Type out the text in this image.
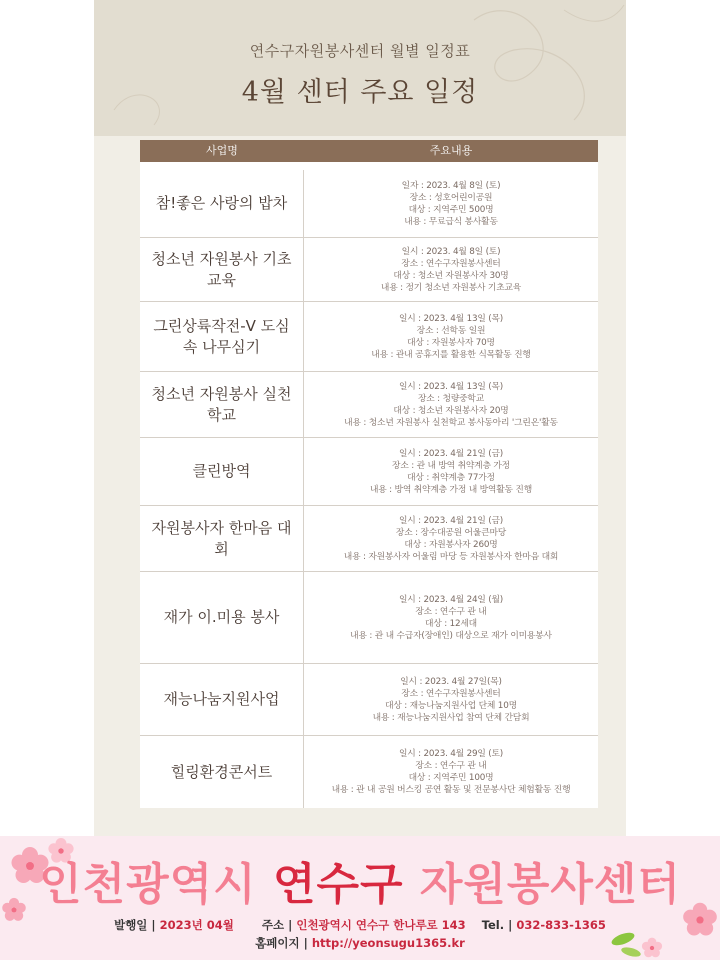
연수구자원봉사센터 월별 일정표
4월 센터 주요 일정
사업명	주요내용
참!좋은 사랑의 밥차
일자 : 2023. 4월 8일 (토)
장소 : 성호어린이공원
대상 : 지역주민 500명
내용 : 무료급식 봉사활동
청소년 자원봉사 기초교육
일시 : 2023. 4월 8일 (토)
장소 : 연수구자원봉사센터
대상 : 청소년 자원봉사자 30명
내용 : 정기 청소년 자원봉사 기초교육
그린상륙작전-V 도심 속 나무심기
일시 : 2023. 4월 13일 (목)
장소 : 선학동 일원
대상 : 자원봉사자 70명
내용 : 관내 공휴지를 활용한 식목활동 진행
청소년 자원봉사 실천학교
일시 : 2023. 4월 13일 (목)
장소 : 청량중학교
대상 : 청소년 자원봉사자 20명
내용 : 청소년 자원봉사 실천학교 봉사동아리 '그린온'활동
클린방역
일시 : 2023. 4월 21일 (금)
장소 : 관 내 방역 취약계층 가정
대상 : 취약계층 77가정
내용 : 방역 취약계층 가정 내 방역활동 진행
자원봉사자 한마음 대회
일시 : 2023. 4월 21일 (금)
장소 : 장수대공원 어울큰마당
대상 : 자원봉사자 260명
내용 : 자원봉사자 어울림 마당 등 자원봉사자 한마음 대회
재가 이.미용 봉사
일시 : 2023. 4월 24일 (월)
장소 : 연수구 관 내
대상 : 12세대
내용 : 관 내 수급자(장애인) 대상으로 재가 이미용봉사
재능나눔지원사업
일시 : 2023. 4월 27일(목)
장소 : 연수구자원봉사센터
대상 : 재능나눔지원사업 단체 10명
내용 : 재능나눔지원사업 참여 단체 간담회
힐링환경콘서트
일시 : 2023. 4월 29일 (토)
장소 : 연수구 관 내
대상 : 지역주민 100명
내용 : 관 내 공원 버스킹 공연 활동 및 전문봉사단 체험활동 진행
인천광역시 연수구 자원봉사센터
발행일 | 2023년 04월 주소 | 인천광역시 연수구 한나루로 143 Tel. | 032-833-1365
홈페이지 | http://yeonsugu1365.kr
